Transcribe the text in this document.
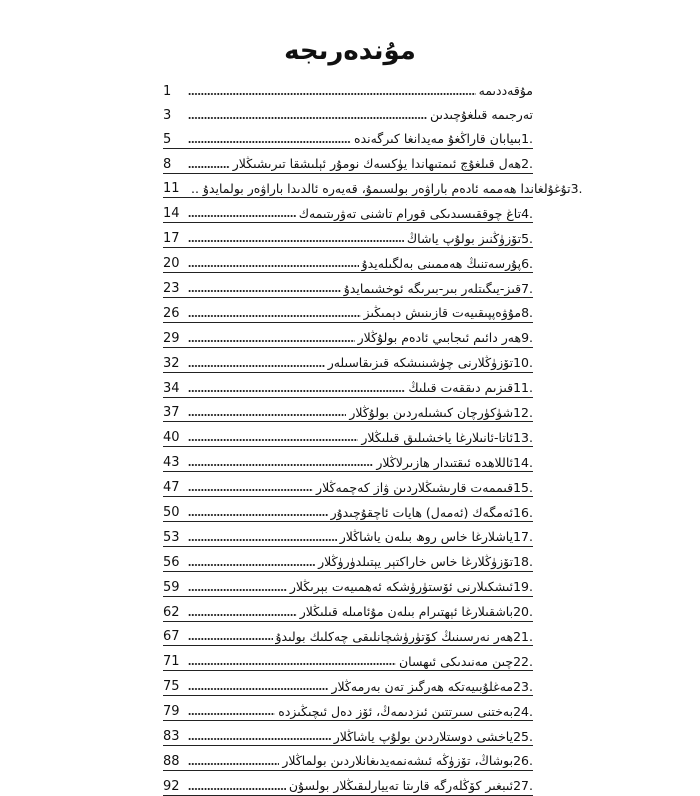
مۇندەرىجە
1	مۇقەددىمە
3	تەرجىمە قىلغۇچىدىن
5	بىيابان قاراڭغۇ مەيدانغا كىرگەندە 1.
8	ھەل قىلغۇچ ئىمتىھاندا يۈكسەك نومۇر ئېلىشقا تىرىشىڭلار 2.
11 تۇغۇلغاندا ھەممە ئادەم باراۋەر بولسىمۇ، قەيەرە ئالدىدا باراۋەر بولمايدۇ .. 3.
14	تاغ چوققىسىدىكى قورام تاشنى تەۋرىتىمەك 4.
17	تۆزۈڭنىز بولۇپ ياشاڭ 5.
20	پۇرسەتنىڭ ھەممىنى بەلگىلەيدۇ 6.
23	قىز-يىگىتلەر بىر-بىرىگە ئوخشىمايدۇ 7.
26	مۇۋەپپىقىيەت قازىنىش دېمىڭىز 8.
29	ھەر دائىم ئىجابىي ئادەم بولۇڭلار 9.
32	تۆزۈڭلارنى چۈشىنىشكە قىزىقاسىلەر 10.
34	قىزىم دىققەت قىلىڭ 11.
37	شۈكۈرچان كىشىلەردىن بولۇڭلار 12.
40	ئاتا-ئانىلارغا ياخشىلىق قىلىڭلار 13.
43	ئاللاھدە ئىقتىدار ھازىرلاڭلار 14.
47	قىممەت قارىشىڭلاردىن ۋاز كەچمەڭلار 15.
50	ئەمگەك (ئەمەل) ھايات ئاچقۇچىدۇر 16.
53	ياشلارغا خاس روھ بىلەن ياشاڭلار 17.
56	تۆزۈڭلارغا خاس خاراكتېر يېتىلدۈرۈڭلار 18.
59	ئىشكىلارنى ئۆستۈرۈشكە ئەھمىيەت بېرىڭلار 19.
62	باشقىلارغا ئېھتىرام بىلەن مۇئامىلە قىلىڭلار 20.
67	ھەر نەرسىنىڭ كۆتۈرۈشچانلىقى چەكلىك بولىدۇ 21.
71	چىن مەنىدىكى ئىھسان 22.
75	مەغلۇبىيەتكە ھەرگىز تەن بەرمەڭلار 23.
79	بەختنى سىرتتىن ئىزدىمەڭ، ئۆز دەل ئىچىڭىزدە 24.
83	ياخشى دوستلاردىن بولۇپ ياشاڭلار 25.
88	بوشاڭ، تۆزۈڭە ئىشەنمەيدىغانلاردىن بولماڭلار 26.
92	ئىبغىر كۆڭلەرگە قارىتا تەييارلىقىڭلار بولسۇن 27.
